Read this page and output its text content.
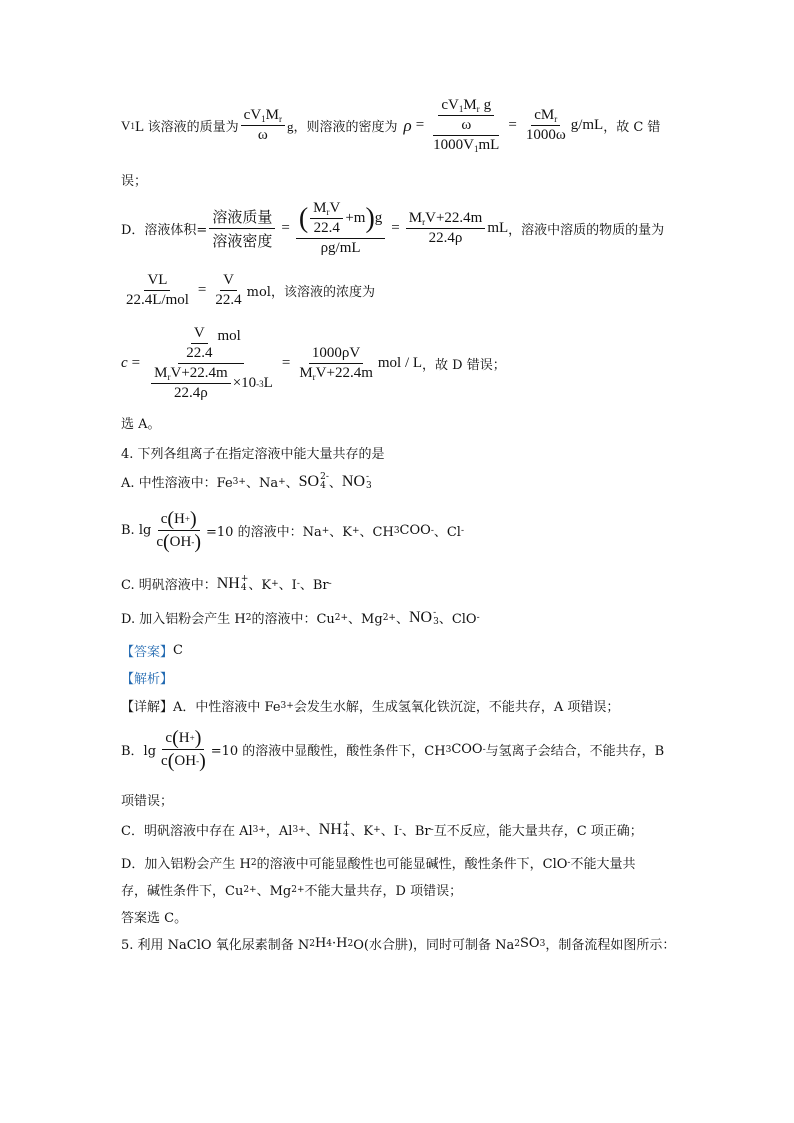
V 1 L 该溶液的质量为 $\frac{cV_1M_r}{\omega}$ g，则溶液的密度为 $\rho = \frac{\frac{cV_1M_r g}{\omega}}{1000V_1mL} = \frac{cM_r}{1000\omega} g/mL$ ，故 C 错
误；
D．溶液体积= $\frac{\text{溶液质量}}{\text{溶液密度}}$ = ( $\frac{M_rV}{22.4} +m$ ) g
ρg/mL
= $\frac{M_rV+22.4m}{22.4\rho}$ mL ，溶液中溶质的物质的量为
$\frac{VL}{\text{22.4L/mol}} = \frac{V}{22.4}$ mol，该溶液的浓度为
$c = \frac{\frac{V}{22.4} mol}{\frac{M_rV+22.4m}{22.4\rho} \times 10 -3 L} = \frac{1000\rho V}{M_rV+22.4m}$ mol / L ，故 D 错误；
选 A。
4. 下列各组离子在指定溶液中能大量共存的是
A. 中性溶液中：Fe 3+ 、Na + 、 SO 2-
4 、 NO -
3
B. $\lg \frac{c ( H + )}{c ( OH - )} =10$ 的溶液中：Na + 、K + 、CH 3 COO - 、Cl -
C. 明矾溶液中： NH +
4 、K + 、I - 、Br -
D. 加入铝粉会产生 H 2 的溶液中：Cu 2+ 、Mg 2+ 、 NO -
3 、ClO -
【答案】 C
【解析】
【详解】 A．中性溶液中 Fe 3+ 会发生水解，生成氢氧化铁沉淀，不能共存，A 项错误；
B．$\lg \frac{c ( H + )}{c ( OH - )} =10$ 的溶液中显酸性，酸性条件下，CH 3 COO - 与氢离子会结合，不能共存，B
项错误；
C．明矾溶液中存在 Al 3+ ，Al 3+ 、 NH +
4 、K + 、I - 、Br - 互不反应，能大量共存，C 项正确；
D．加入铝粉会产生 H 2 的溶液中可能显酸性也可能显碱性，酸性条件下，ClO - 不能大量共
存，碱性条件下，Cu 2+ 、Mg 2+ 不能大量共存，D 项错误；
答案选 C。
5. 利用 NaClO 氧化尿素制备 N 2 H 4 ·H 2 O(水合肼)，同时可制备 Na 2 SO 3 ，制备流程如图所示：
